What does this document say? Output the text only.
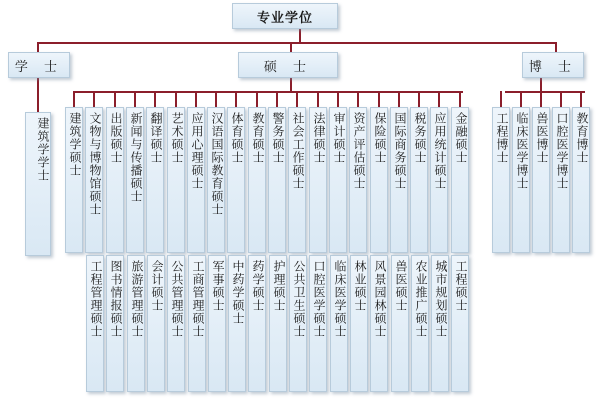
专业学位
学 士	硕 士	博 士
建筑学学士 建筑学硕士 文物与博物馆硕士 出版硕士 新闻与传播硕士 翻译硕士 艺术硕士 应用心理硕士 汉语国际教育硕士 体育硕士 教育硕士 警务硕士 社会工作硕士 法律硕士 审计硕士 资产评估硕士 保险硕士 国际商务硕士 税务硕士 应用统计硕士 金融硕士
工程管理硕士 图书情报硕士 旅游管理硕士 会计硕士 公共管理硕士 工商管理硕士 军事硕士 中药学硕士 药学硕士 护理硕士 公共卫生硕士 口腔医学硕士 临床医学硕士 林业硕士 风景园林硕士 兽医硕士 农业推广硕士 城市规划硕士 工程硕士
工程博士 临床医学博士 兽医博士 口腔医学博士 教育博士
